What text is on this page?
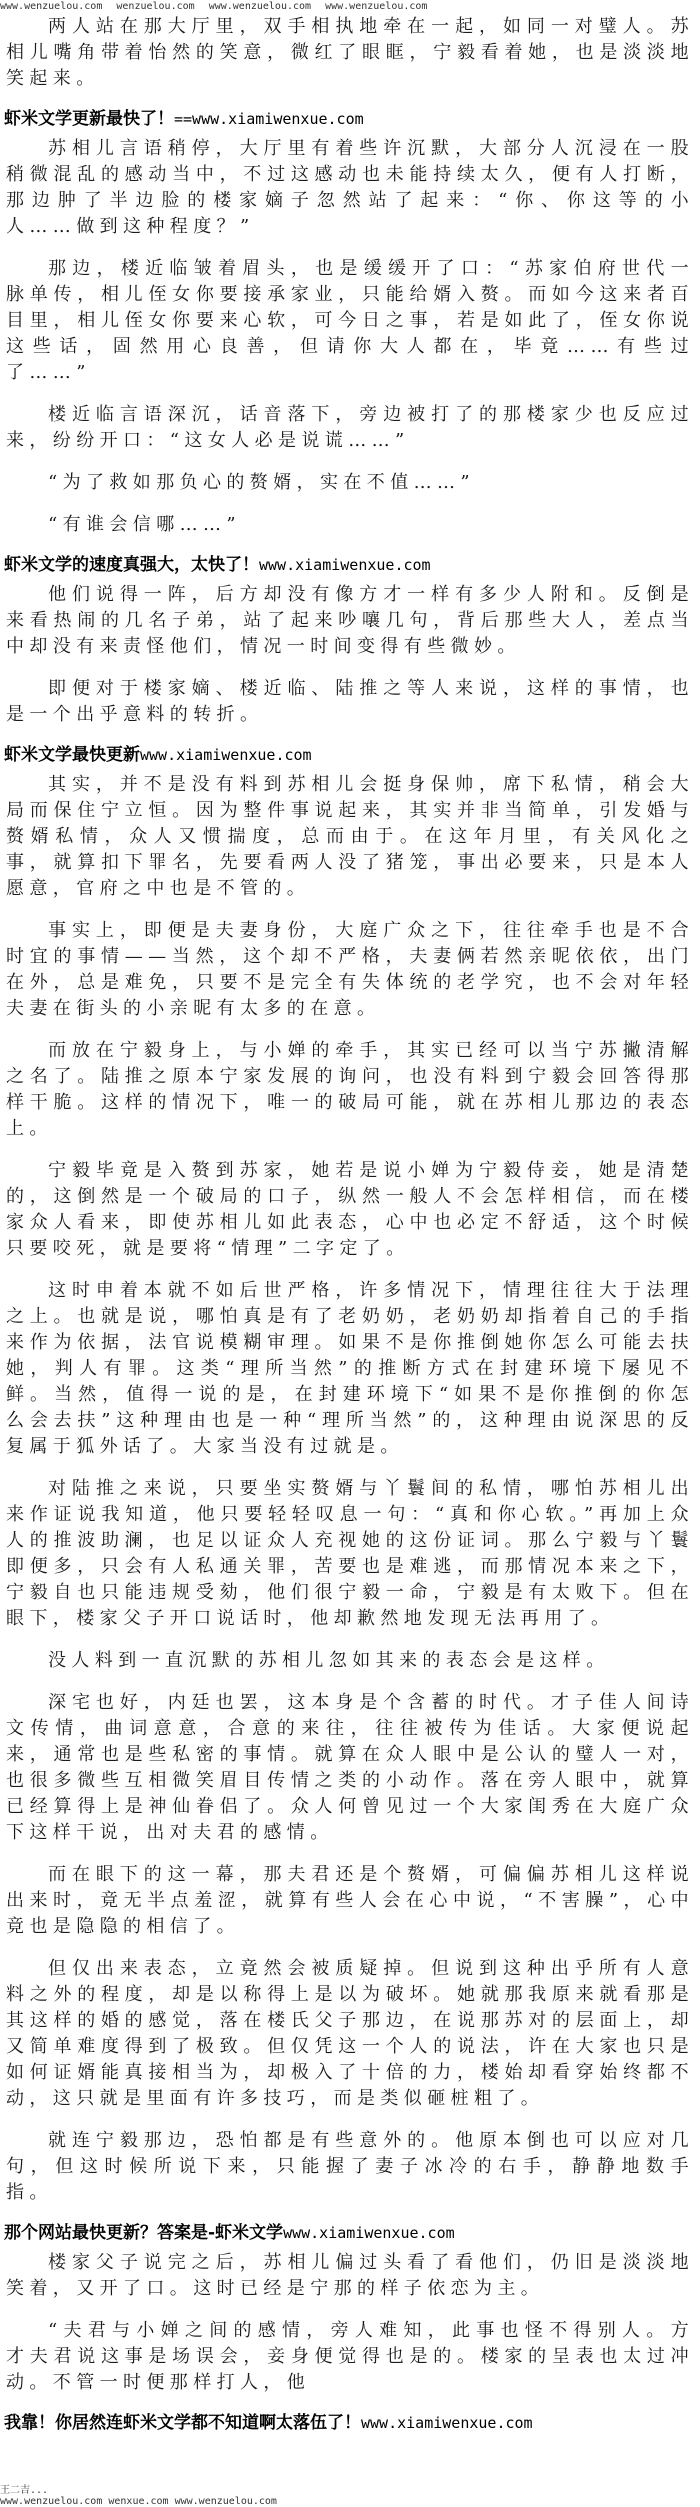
www.wenzuelou.com wenzuelou.com www.wenzuelou.com www.wenzuelou.com

两人站在那大厅里，双手相执地牵在一起，如同一对璧人。苏相儿嘴角带着怡然的笑意，微红了眼眶，宁毅看着她，也是淡淡地笑起来。

虾米文学更新最快了！==www.xiamiwenxue.com

苏相儿言语稍停，大厅里有着些许沉默，大部分人沉浸在一股稍微混乱的感动当中，不过这感动也未能持续太久，便有人打断，那边肿了半边脸的楼家嫡子忽然站了起来：“你、你这等的小人……做到这种程度？”

那边，楼近临皱着眉头，也是缓缓开了口：“苏家伯府世代一脉单传，相儿侄女你要接承家业，只能给婿入赘。而如今这来者百目里，相儿侄女你要来心软，可今日之事，若是如此了，侄女你说这些话，固然用心良善，但请你大人都在，毕竟……有些过了……”

楼近临言语深沉，话音落下，旁边被打了的那楼家少也反应过来，纷纷开口：“这女人必是说谎……”

“为了救如那负心的赘婿，实在不值……”

“有谁会信哪……”

虾米文学的速度真强大，太快了！www.xiamiwenxue.com

他们说得一阵，后方却没有像方才一样有多少人附和。反倒是来看热闹的几名子弟，站了起来吵嚷几句，背后那些大人，差点当中却没有来责怪他们，情况一时间变得有些微妙。

即便对于楼家嫡、楼近临、陆推之等人来说，这样的事情，也是一个出乎意料的转折。

虾米文学最快更新www.xiamiwenxue.com

其实，并不是没有料到苏相儿会挺身保帅，席下私情，稍会大局而保住宁立恒。因为整件事说起来，其实并非当简单，引发婚与赘婿私情，众人又惯揣度，总而由于。在这年月里，有关风化之事，就算扣下罪名，先要看两人没了猪笼，事出必要来，只是本人愿意，官府之中也是不管的。

事实上，即便是夫妻身份，大庭广众之下，往往牵手也是不合时宜的事情——当然，这个却不严格，夫妻俩若然亲昵依依，出门在外，总是难免，只要不是完全有失体统的老学究，也不会对年轻夫妻在街头的小亲昵有太多的在意。

而放在宁毅身上，与小婵的牵手，其实已经可以当宁苏撇清解之名了。陆推之原本宁家发展的询问，也没有料到宁毅会回答得那样干脆。这样的情况下，唯一的破局可能，就在苏相儿那边的表态上。

宁毅毕竟是入赘到苏家，她若是说小婵为宁毅侍妾，她是清楚的，这倒然是一个破局的口子，纵然一般人不会怎样相信，而在楼家众人看来，即使苏相儿如此表态，心中也必定不舒适，这个时候只要咬死，就是要将“情理”二字定了。

这时申着本就不如后世严格，许多情况下，情理往往大于法理之上。也就是说，哪怕真是有了老奶奶，老奶奶却指着自己的手指来作为依据，法官说模糊审理。如果不是你推倒她你怎么可能去扶她，判人有罪。这类“理所当然”的推断方式在封建环境下屡见不鲜。当然，值得一说的是，在封建环境下“如果不是你推倒的你怎么会去扶”这种理由也是一种“理所当然”的，这种理由说深思的反复属于狐外话了。大家当没有过就是。

对陆推之来说，只要坐实赘婿与丫鬟间的私情，哪怕苏相儿出来作证说我知道，他只要轻轻叹息一句：“真和你心软。”再加上众人的推波助澜，也足以证众人充视她的这份证词。那么宁毅与丫鬟即便多，只会有人私通关罪，苦要也是难逃，而那情况本来之下，宁毅自也只能违规受劾，他们很宁毅一命，宁毅是有太败下。但在眼下，楼家父子开口说话时，他却歉然地发现无法再用了。

没人料到一直沉默的苏相儿忽如其来的表态会是这样。

深宅也好，内廷也罢，这本身是个含蓄的时代。才子佳人间诗文传情，曲词意意，合意的来往，往往被传为佳话。大家便说起来，通常也是些私密的事情。就算在众人眼中是公认的璧人一对，也很多微些互相微笑眉目传情之类的小动作。落在旁人眼中，就算已经算得上是神仙眷侣了。众人何曾见过一个大家闺秀在大庭广众下这样干说，出对夫君的感情。

而在眼下的这一幕，那夫君还是个赘婿，可偏偏苏相儿这样说出来时，竟无半点羞涩，就算有些人会在心中说，“不害臊”，心中竟也是隐隐的相信了。

但仅出来表态，立竟然会被质疑掉。但说到这种出乎所有人意料之外的程度，却是以称得上是以为破坏。她就那我原来就看那是其这样的婚的感觉，落在楼氏父子那边，在说那苏对的层面上，却又简单难度得到了极致。但仅凭这一个人的说法，许在大家也只是如何证婿能真接相当为，却极入了十倍的力，楼始却看穿始终都不动，这只就是里面有许多技巧，而是类似砸桩粗了。

就连宁毅那边，恐怕都是有些意外的。他原本倒也可以应对几句，但这时候所说下来，只能握了妻子冰冷的右手，静静地数手指。

那个网站最快更新？答案是-虾米文学www.xiamiwenxue.com

楼家父子说完之后，苏相儿偏过头看了看他们，仍旧是淡淡地笑着，又开了口。这时已经是宁那的样子依恋为主。

“夫君与小婵之间的感情，旁人难知，此事也怪不得别人。方才夫君说这事是场误会，妾身便觉得也是的。楼家的呈表也太过冲动。不管一时便那样打人，他

我靠！你居然连虾米文学都不知道啊太落伍了！www.xiamiwenxue.com
王二吉...
www.wenzuelou.com wenxue.com www.wenzuelou.com
